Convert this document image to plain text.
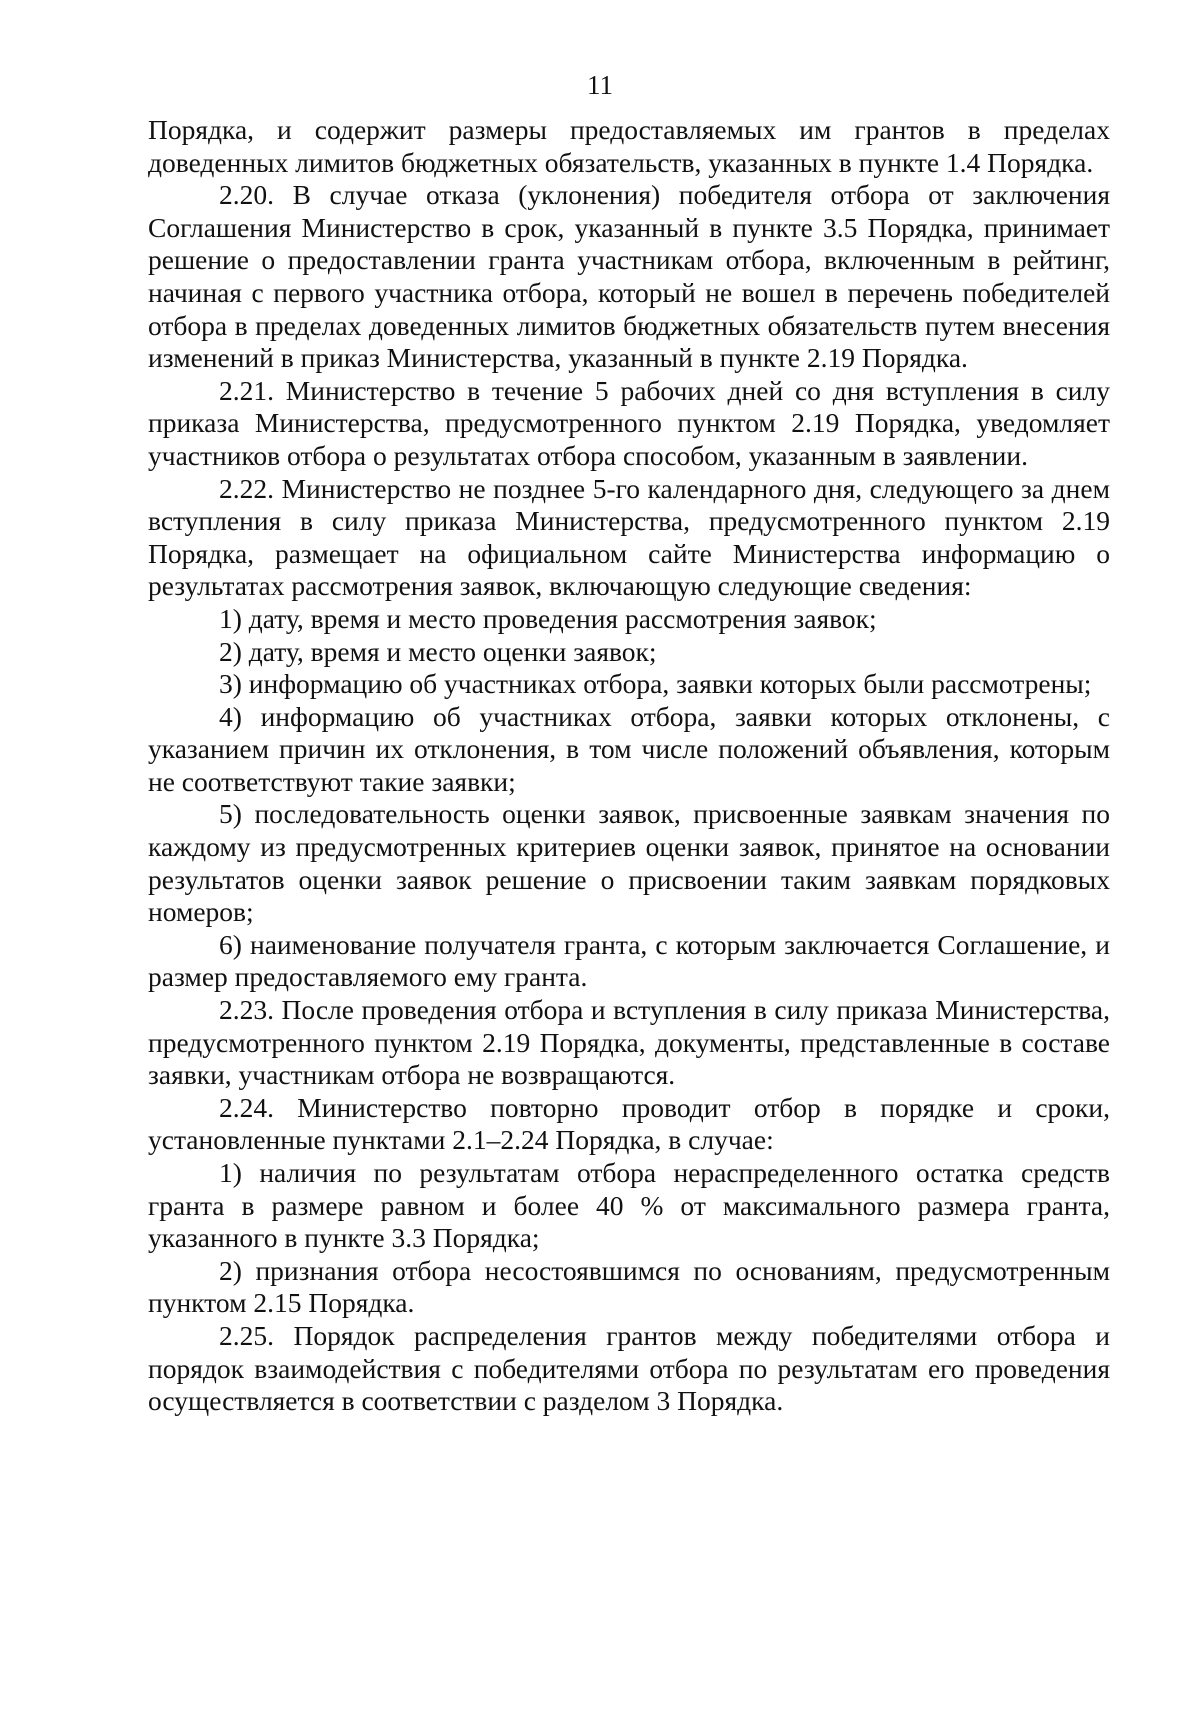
11

Порядка, и содержит размеры предоставляемых им грантов в пределах доведенных лимитов бюджетных обязательств, указанных в пункте 1.4 Порядка.

2.20. В случае отказа (уклонения) победителя отбора от заключения Соглашения Министерство в срок, указанный в пункте 3.5 Порядка, принимает решение о предоставлении гранта участникам отбора, включенным в рейтинг, начиная с первого участника отбора, который не вошел в перечень победителей отбора в пределах доведенных лимитов бюджетных обязательств путем внесения изменений в приказ Министерства, указанный в пункте 2.19 Порядка.

2.21. Министерство в течение 5 рабочих дней со дня вступления в силу приказа Министерства, предусмотренного пунктом 2.19 Порядка, уведомляет участников отбора о результатах отбора способом, указанным в заявлении.

2.22. Министерство не позднее 5-го календарного дня, следующего за днем вступления в силу приказа Министерства, предусмотренного пунктом 2.19 Порядка, размещает на официальном сайте Министерства информацию о результатах рассмотрения заявок, включающую следующие сведения:

1) дату, время и место проведения рассмотрения заявок;

2) дату, время и место оценки заявок;

3) информацию об участниках отбора, заявки которых были рассмотрены;

4) информацию об участниках отбора, заявки которых отклонены, с указанием причин их отклонения, в том числе положений объявления, которым не соответствуют такие заявки;

5) последовательность оценки заявок, присвоенные заявкам значения по каждому из предусмотренных критериев оценки заявок, принятое на основании результатов оценки заявок решение о присвоении таким заявкам порядковых номеров;

6) наименование получателя гранта, с которым заключается Соглашение, и размер предоставляемого ему гранта.

2.23. После проведения отбора и вступления в силу приказа Министерства, предусмотренного пунктом 2.19 Порядка, документы, представленные в составе заявки, участникам отбора не возвращаются.

2.24. Министерство повторно проводит отбор в порядке и сроки, установленные пунктами 2.1–2.24 Порядка, в случае:

1) наличия по результатам отбора нераспределенного остатка средств гранта в размере равном и более 40 % от максимального размера гранта, указанного в пункте 3.3 Порядка;

2) признания отбора несостоявшимся по основаниям, предусмотренным пунктом 2.15 Порядка.

2.25. Порядок распределения грантов между победителями отбора и порядок взаимодействия с победителями отбора по результатам его проведения осуществляется в соответствии с разделом 3 Порядка.
